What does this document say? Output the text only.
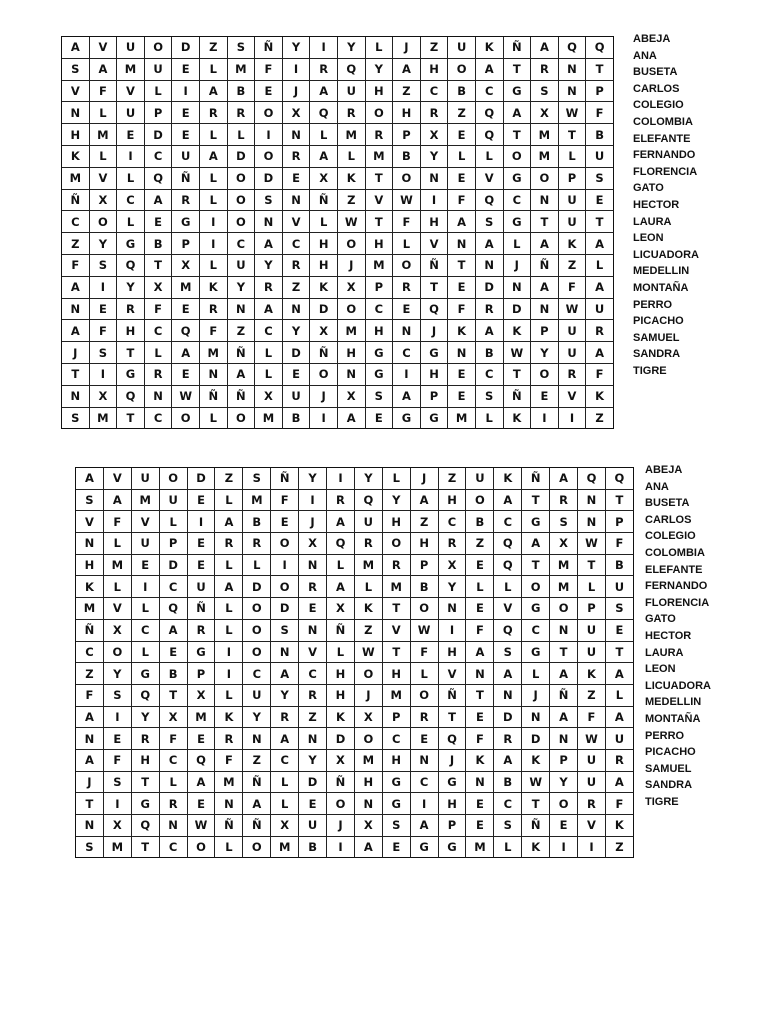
A	V	U	O	D	Z	S	Ñ	Y	I	Y	L	J	Z	U	K	Ñ	A	Q	Q
S	A	M	U	E	L	M	F	I	R	Q	Y	A	H	O	A	T	R	N	T
V	F	V	L	I	A	B	E	J	A	U	H	Z	C	B	C	G	S	N	P
N	L	U	P	E	R	R	O	X	Q	R	O	H	R	Z	Q	A	X	W	F
H	M	E	D	E	L	L	I	N	L	M	R	P	X	E	Q	T	M	T	B
K	L	I	C	U	A	D	O	R	A	L	M	B	Y	L	L	O	M	L	U
M	V	L	Q	Ñ	L	O	D	E	X	K	T	O	N	E	V	G	O	P	S
Ñ	X	C	A	R	L	O	S	N	Ñ	Z	V	W	I	F	Q	C	N	U	E
C	O	L	E	G	I	O	N	V	L	W	T	F	H	A	S	G	T	U	T
Z	Y	G	B	P	I	C	A	C	H	O	H	L	V	N	A	L	A	K	A
F	S	Q	T	X	L	U	Y	R	H	J	M	O	Ñ	T	N	J	Ñ	Z	L
A	I	Y	X	M	K	Y	R	Z	K	X	P	R	T	E	D	N	A	F	A
N	E	R	F	E	R	N	A	N	D	O	C	E	Q	F	R	D	N	W	U
A	F	H	C	Q	F	Z	C	Y	X	M	H	N	J	K	A	K	P	U	R
J	S	T	L	A	M	Ñ	L	D	Ñ	H	G	C	G	N	B	W	Y	U	A
T	I	G	R	E	N	A	L	E	O	N	G	I	H	E	C	T	O	R	F
N	X	Q	N	W	Ñ	Ñ	X	U	J	X	S	A	P	E	S	Ñ	E	V	K
S	M	T	C	O	L	O	M	B	I	A	E	G	G	M	L	K	I	I	Z
ABEJA
ANA
BUSETA
CARLOS
COLEGIO
COLOMBIA
ELEFANTE
FERNANDO
FLORENCIA
GATO
HECTOR
LAURA
LEON
LICUADORA
MEDELLIN
MONTAÑA
PERRO
PICACHO
SAMUEL
SANDRA
TIGRE
A	V	U	O	D	Z	S	Ñ	Y	I	Y	L	J	Z	U	K	Ñ	A	Q	Q
S	A	M	U	E	L	M	F	I	R	Q	Y	A	H	O	A	T	R	N	T
V	F	V	L	I	A	B	E	J	A	U	H	Z	C	B	C	G	S	N	P
N	L	U	P	E	R	R	O	X	Q	R	O	H	R	Z	Q	A	X	W	F
H	M	E	D	E	L	L	I	N	L	M	R	P	X	E	Q	T	M	T	B
K	L	I	C	U	A	D	O	R	A	L	M	B	Y	L	L	O	M	L	U
M	V	L	Q	Ñ	L	O	D	E	X	K	T	O	N	E	V	G	O	P	S
Ñ	X	C	A	R	L	O	S	N	Ñ	Z	V	W	I	F	Q	C	N	U	E
C	O	L	E	G	I	O	N	V	L	W	T	F	H	A	S	G	T	U	T
Z	Y	G	B	P	I	C	A	C	H	O	H	L	V	N	A	L	A	K	A
F	S	Q	T	X	L	U	Y	R	H	J	M	O	Ñ	T	N	J	Ñ	Z	L
A	I	Y	X	M	K	Y	R	Z	K	X	P	R	T	E	D	N	A	F	A
N	E	R	F	E	R	N	A	N	D	O	C	E	Q	F	R	D	N	W	U
A	F	H	C	Q	F	Z	C	Y	X	M	H	N	J	K	A	K	P	U	R
J	S	T	L	A	M	Ñ	L	D	Ñ	H	G	C	G	N	B	W	Y	U	A
T	I	G	R	E	N	A	L	E	O	N	G	I	H	E	C	T	O	R	F
N	X	Q	N	W	Ñ	Ñ	X	U	J	X	S	A	P	E	S	Ñ	E	V	K
S	M	T	C	O	L	O	M	B	I	A	E	G	G	M	L	K	I	I	Z
ABEJA
ANA
BUSETA
CARLOS
COLEGIO
COLOMBIA
ELEFANTE
FERNANDO
FLORENCIA
GATO
HECTOR
LAURA
LEON
LICUADORA
MEDELLIN
MONTAÑA
PERRO
PICACHO
SAMUEL
SANDRA
TIGRE
